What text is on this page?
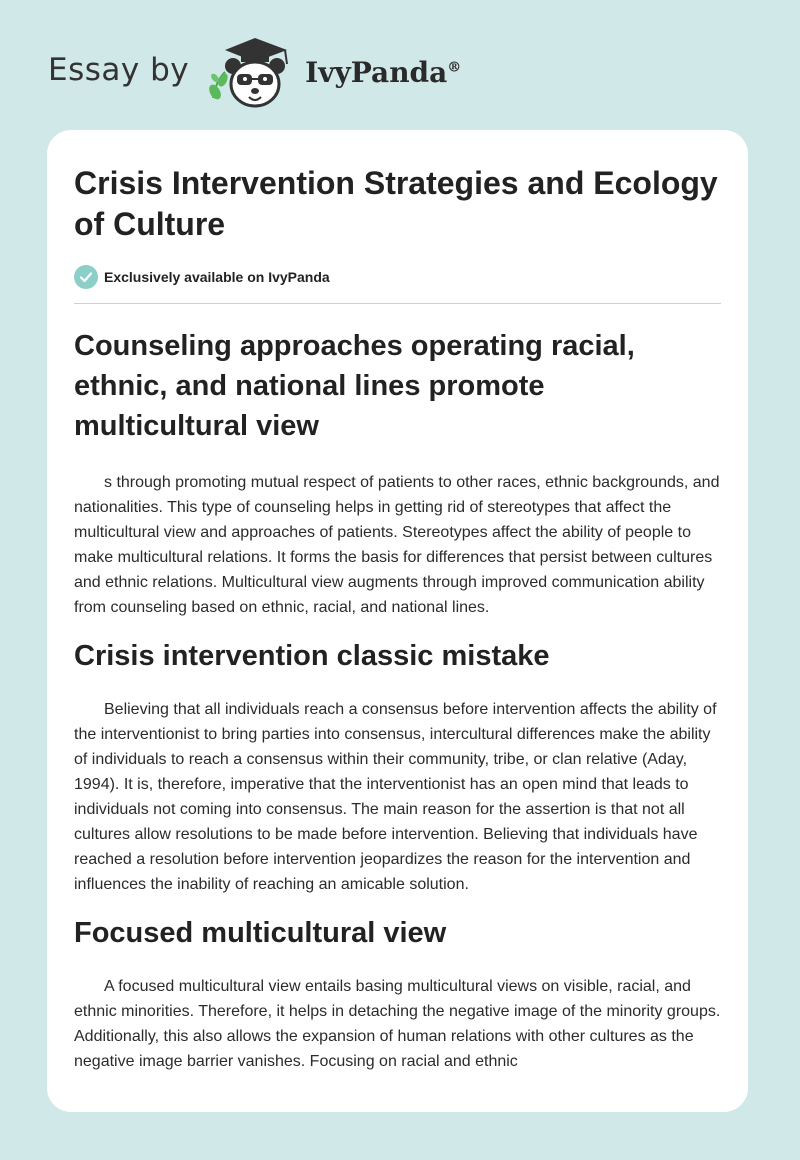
Essay by	IvyPanda®
Crisis Intervention Strategies and Ecology of Culture
Exclusively available on IvyPanda
Counseling approaches operating racial, ethnic, and national lines promote multicultural view

s through promoting mutual respect of patients to other races, ethnic backgrounds, and nationalities. This type of counseling helps in getting rid of stereotypes that affect the multicultural view and approaches of patients. Stereotypes affect the ability of people to make multicultural relations. It forms the basis for differences that persist between cultures and ethnic relations. Multicultural view augments through improved communication ability from counseling based on ethnic, racial, and national lines.

Crisis intervention classic mistake

Believing that all individuals reach a consensus before intervention affects the ability of the interventionist to bring parties into consensus, intercultural differences make the ability of individuals to reach a consensus within their community, tribe, or clan relative (Aday, 1994). It is, therefore, imperative that the interventionist has an open mind that leads to individuals not coming into consensus. The main reason for the assertion is that not all cultures allow resolutions to be made before intervention. Believing that individuals have reached a resolution before intervention jeopardizes the reason for the intervention and influences the inability of reaching an amicable solution.

Focused multicultural view

A focused multicultural view entails basing multicultural views on visible, racial, and ethnic minorities. Therefore, it helps in detaching the negative image of the minority groups. Additionally, this also allows the expansion of human relations with other cultures as the negative image barrier vanishes. Focusing on racial and ethnic
